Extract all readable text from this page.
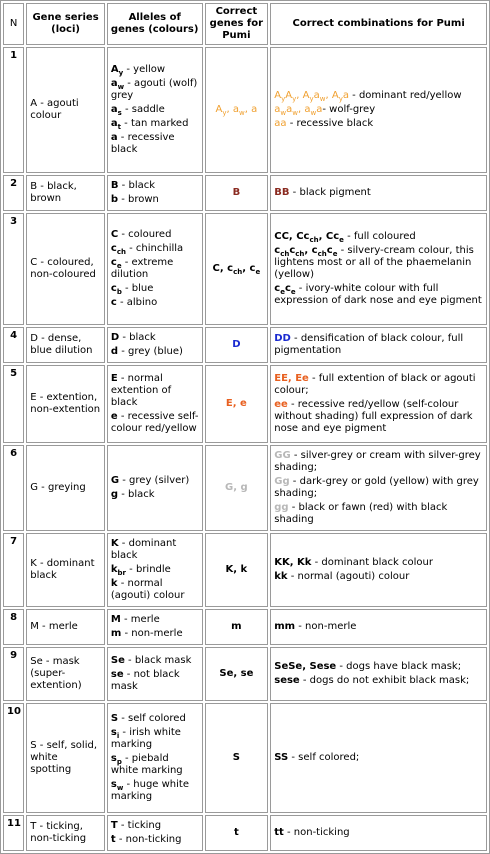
N	Gene series (loci)	Alleles of genes (colours)	Correct genes for Pumi	Correct combinations for Pumi
1	A - agouti colour	$A_y$ - yellow
$a_w$ - agouti (wolf) grey
$a_s$ - saddle
$a_t$ - tan marked
a - recessive black	$A_y$, $a_w$, a	$A_yA_y$, $A_ya_w$, $A_ya$ - dominant red/yellow
$a_wa_w$, $a_wa-$ wolf-grey
aa - recessive black

2	B - black, brown	B - black
b - brown	B	BB - black pigment

3	C - coloured, non-coloured	C - coloured
$c_{ch}$ - chinchilla
$c_e$ - extreme dilution
$c_b$ - blue
c - albino	C, $c_{ch}$, $c_e$	CC, $Cc_{ch}$, $Cc_e$ - full coloured
$c_{ch}c_{ch}$, $c_{ch}c_e$ - silvery-cream colour, this lightens most or all of the phaemelanin (yellow)
$c_ec_e$ - ivory-white colour with full expression of dark nose and eye pigment

4	D - dense, blue dilution	D - black
d - grey (blue)	D	DD - densification of black colour, full pigmentation

5	E - extention, non-extention	E - normal extention of black
e - recessive self-colour red/yellow	E, e	EE, Ee - full extention of black or agouti colour;
ee - recessive red/yellow (self-colour without shading) full expression of dark nose and eye pigment

6	G - greying	G - grey (silver)
g - black	G, g	GG - silver-grey or cream with silver-grey shading;
Gg - dark-grey or gold (yellow) with grey shading;
gg - black or fawn (red) with black shading

7	K - dominant black	K - dominant black
$k_{br}$ - brindle
k - normal (agouti) colour	K, k	KK, Kk - dominant black colour
kk - normal (agouti) colour

8	M - merle	M - merle
m - non-merle	m	mm - non-merle

9	Se - mask (super-extention)	Se - black mask
se - not black mask	Se, se	SeSe, Sese - dogs have black mask;
sese - dogs do not exhibit black mask;

10	S - self, solid, white spotting	S - self colored
$s_i$ - irish white marking
$s_p$ - piebald white marking
$s_w$ - huge white marking	S	SS - self colored;

11	T - ticking, non-ticking	T - ticking
t - non-ticking	t	tt - non-ticking
